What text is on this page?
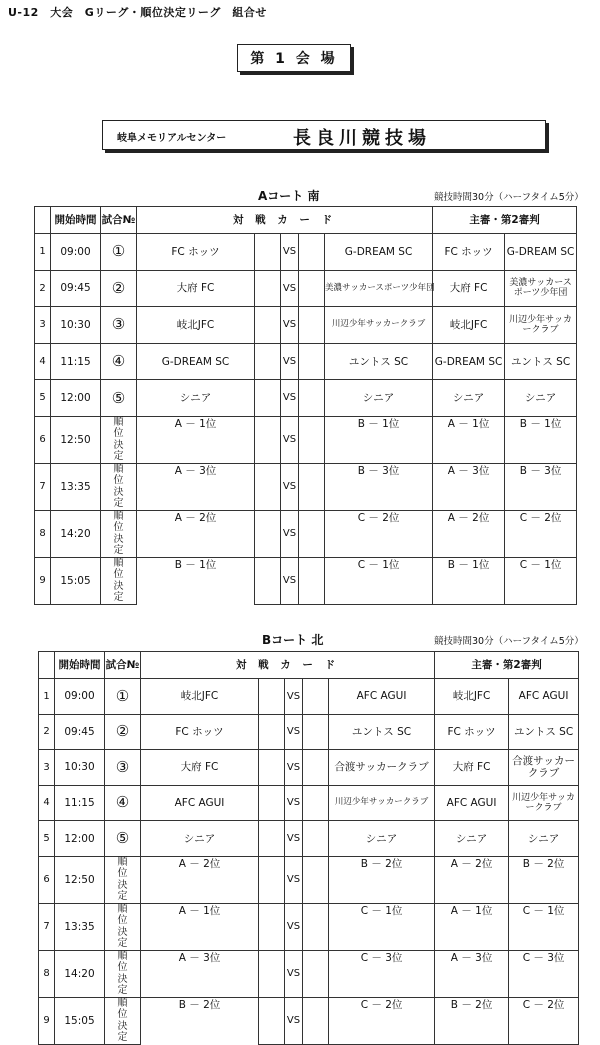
U-12　大会　Gリーグ・順位決定リーグ　組合せ
第 1 会 場
岐阜メモリアルセンター	長良川競技場
Aコート 南	競技時間30分（ハーフタイム5分）
	開始時間	試合№	対 戦 カ ー ド					主審・第2審判	
1	09:00	①	FC ホッツ		VS		G-DREAM SC	FC ホッツ	G-DREAM SC
2	09:45	②	大府 FC		VS		美濃サッカースポーツ少年団	大府 FC	美濃サッカースポーツ少年団
3	10:30	③	岐北JFC		VS		川辺少年サッカークラブ	岐北JFC	川辺少年サッカークラブ
4	11:15	④	G-DREAM SC		VS		ユントス SC	G-DREAM SC	ユントス SC
5	12:00	⑤	シニア		VS		シニア	シニア	シニア
6	12:50	順位決定	A － 1位		VS		B － 1位	A － 1位	B － 1位
7	13:35	順位決定	A － 3位		VS		B － 3位	A － 3位	B － 3位
8	14:20	順位決定	A － 2位		VS		C － 2位	A － 2位	C － 2位
9	15:05	順位決定	B － 1位		VS		C － 1位	B － 1位	C － 1位
Bコート 北	競技時間30分（ハーフタイム5分）
	開始時間	試合№	対 戦 カ ー ド					主審・第2審判	
1	09:00	①	岐北JFC		VS		AFC AGUI	岐北JFC	AFC AGUI
2	09:45	②	FC ホッツ		VS		ユントス SC	FC ホッツ	ユントス SC
3	10:30	③	大府 FC		VS		合渡サッカークラブ	大府 FC	合渡サッカークラブ
4	11:15	④	AFC AGUI		VS		川辺少年サッカークラブ	AFC AGUI	川辺少年サッカークラブ
5	12:00	⑤	シニア		VS		シニア	シニア	シニア
6	12:50	順位決定	A － 2位		VS		B － 2位	A － 2位	B － 2位
7	13:35	順位決定	A － 1位		VS		C － 1位	A － 1位	C － 1位
8	14:20	順位決定	A － 3位		VS		C － 3位	A － 3位	C － 3位
9	15:05	順位決定	B － 2位		VS		C － 2位	B － 2位	C － 2位
